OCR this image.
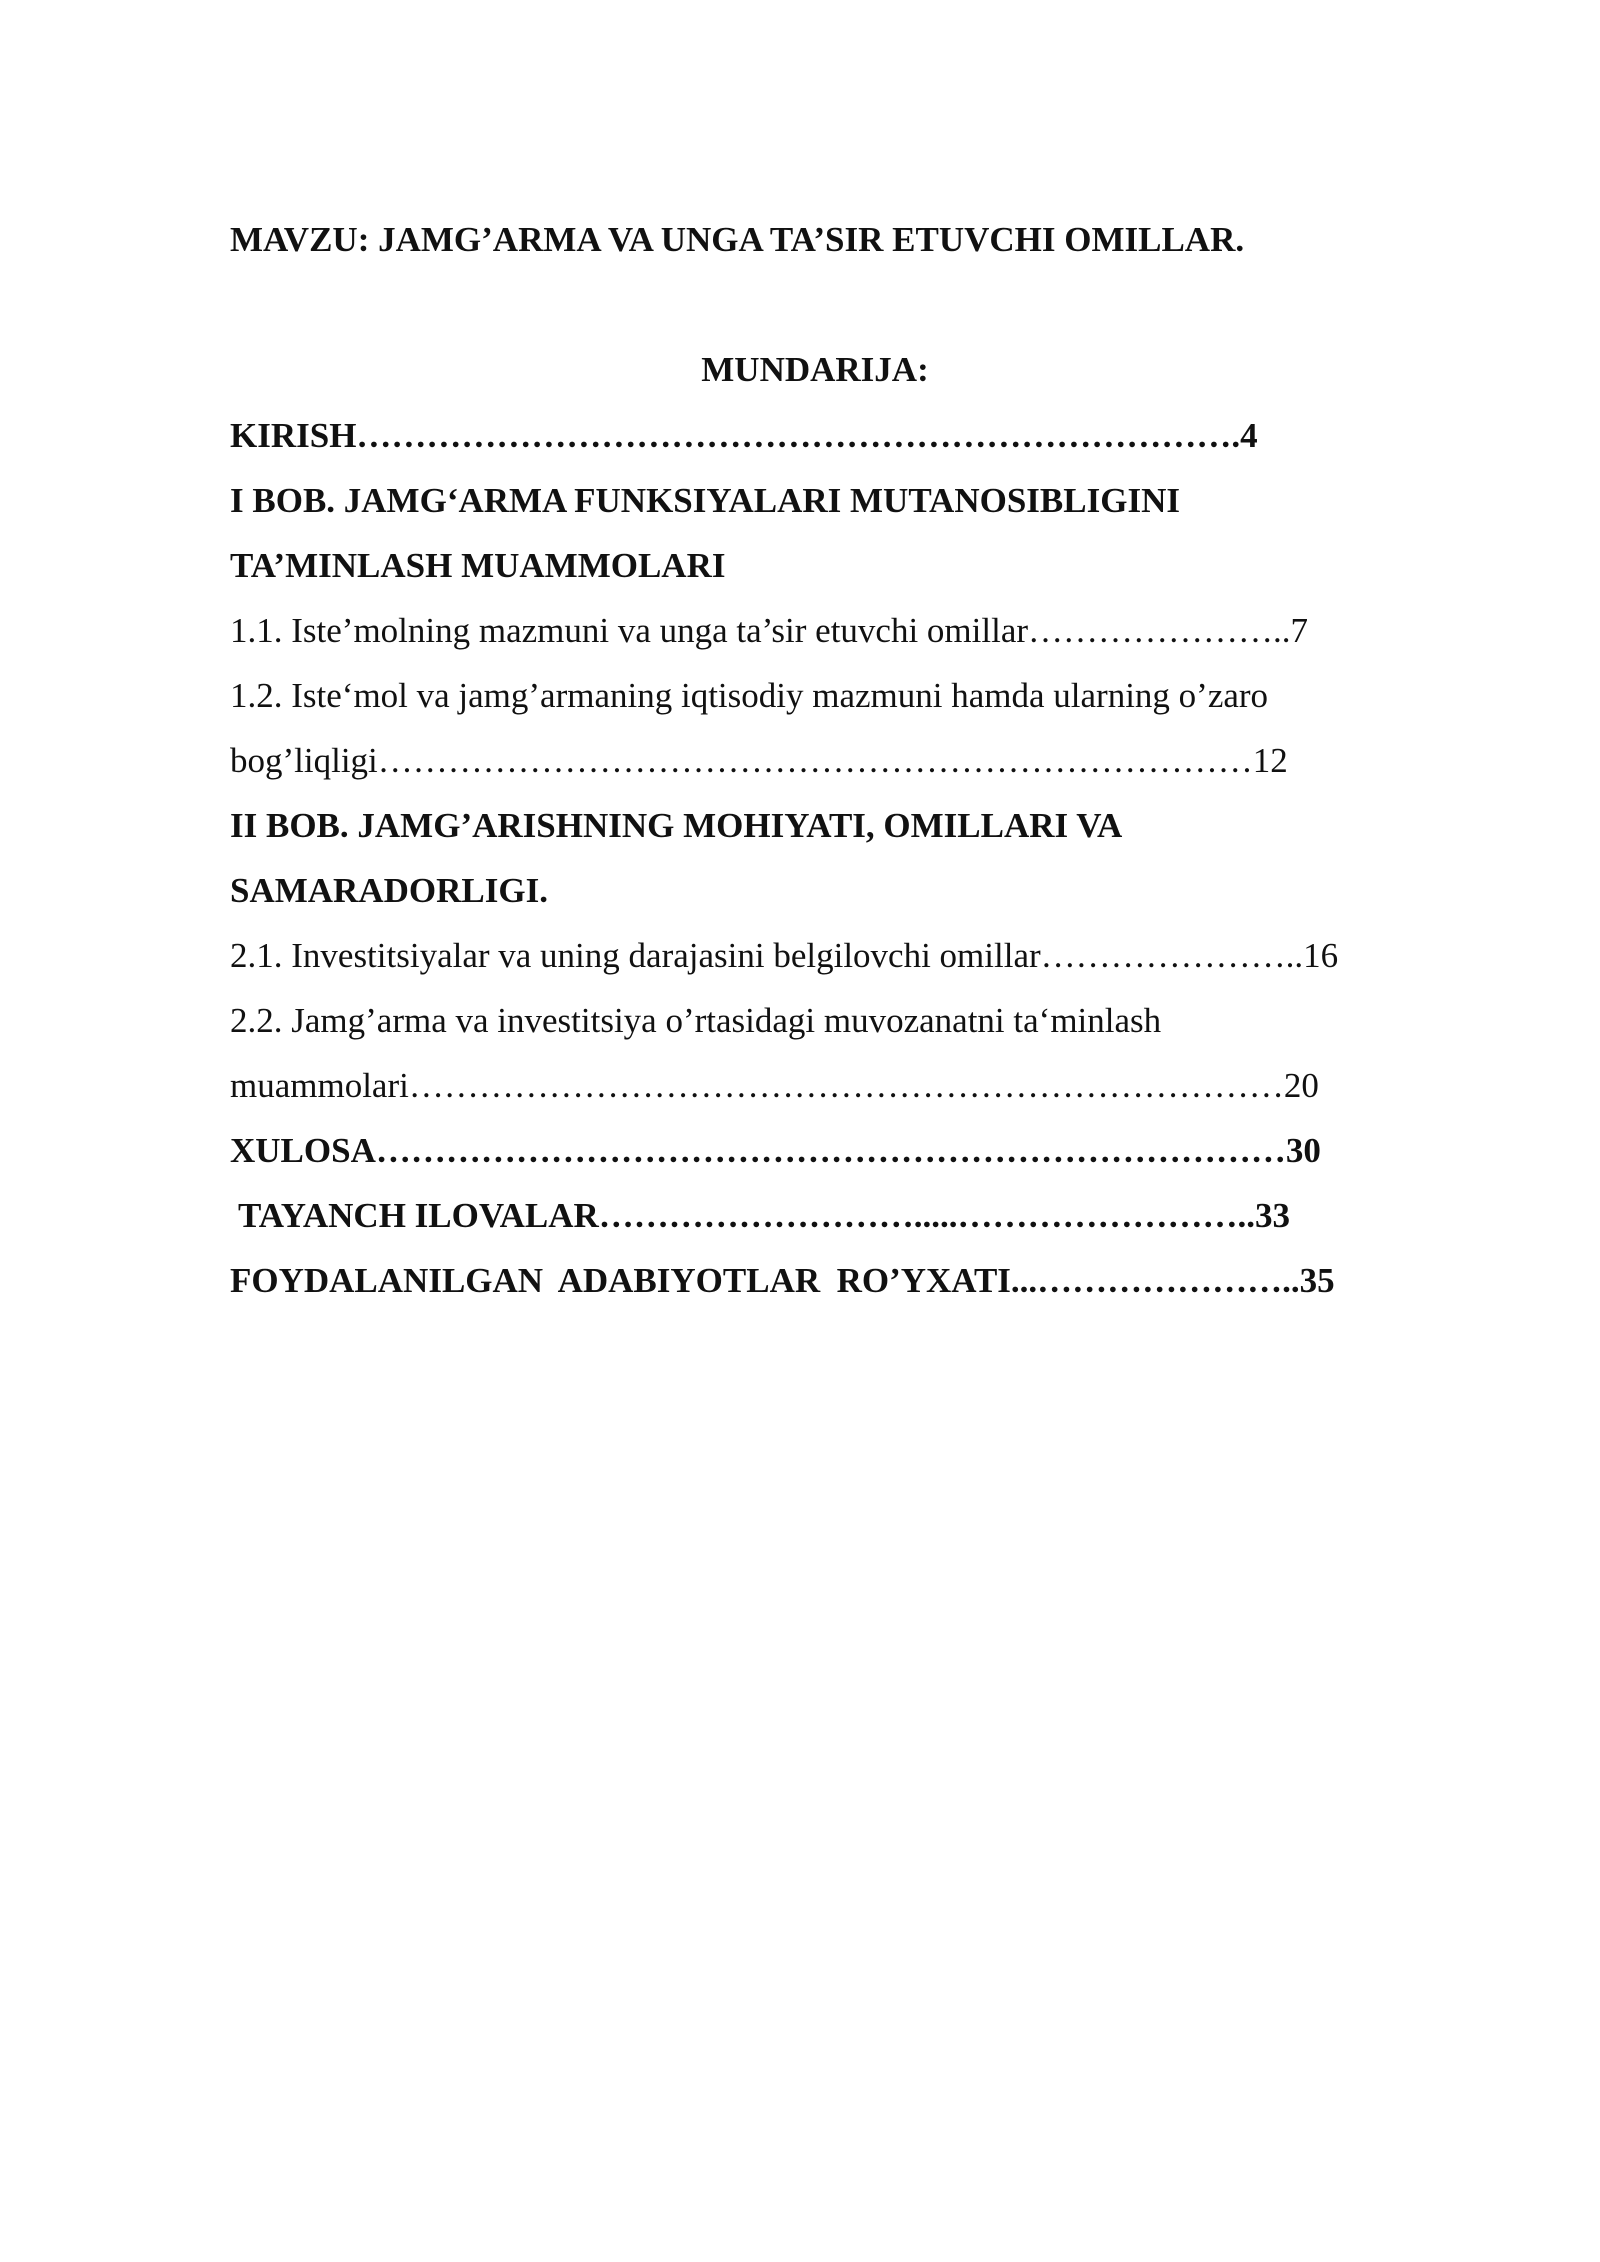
MAVZU: JAMG’ARMA VA UNGA TA’SIR ETUVCHI OMILLAR.

MUNDARIJA:

KIRISH………………………………………………………………….4

I BOB. JAMG‘ARMA FUNKSIYALARI MUTANOSIBLIGINI

TA’MINLASH MUAMMOLARI

1.1. Iste’molning mazmuni va unga ta’sir etuvchi omillar…………………..7

1.2. Iste‘mol va jamg’armaning iqtisodiy mazmuni hamda ularning o’zaro

bog’liqligi…………………………………………………………………12

II BOB. JAMG’ARISHNING MOHIYATI, OMILLARI VA

SAMARADORLIGI.

2.1. Investitsiyalar va uning darajasini belgilovchi omillar…………………..16

2.2. Jamg’arma va investitsiya o’rtasidagi muvozanatni ta‘minlash

muammolari…………………………………………………………………20

XULOSA……………………………………………………………………30

TAYANCH ILOVALAR……………………….....……………………..33

FOYDALANILGAN ADABIYOTLAR RO’YXATI...…………………..35
